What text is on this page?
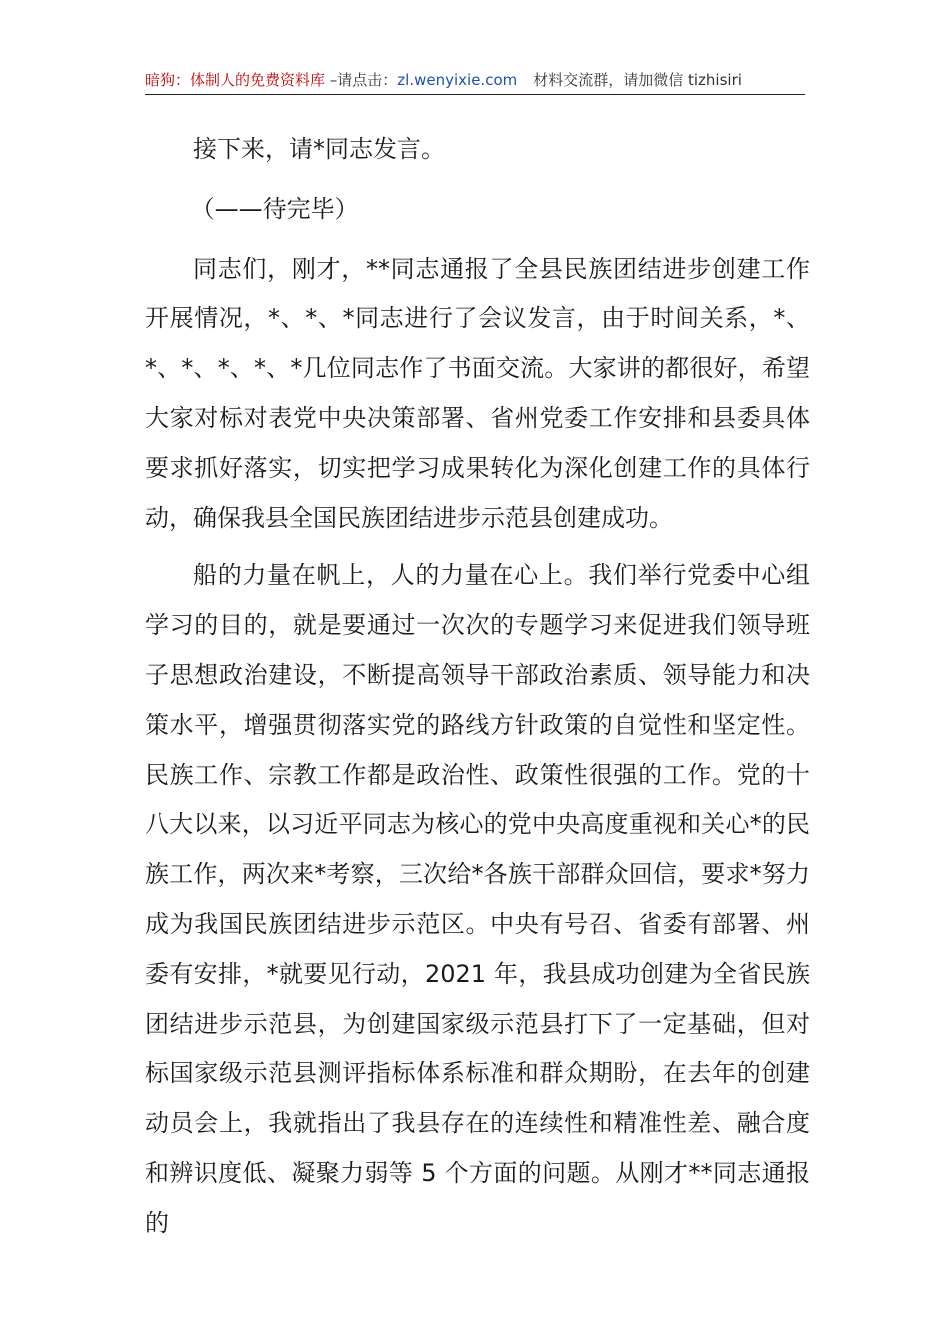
暗狗：体制人的免费资料库 –请点击：zl.wenyixie.com 材料交流群，请加微信 tizhisiri

接下来，请*同志发言。

（——待完毕）

同志们，刚才，**同志通报了全县民族团结进步创建工作开展情况，*、*、*同志进行了会议发言，由于时间关系，*、*、*、*、*、*几位同志作了书面交流。大家讲的都很好，希望大家对标对表党中央决策部署、省州党委工作安排和县委具体要求抓好落实，切实把学习成果转化为深化创建工作的具体行动，确保我县全国民族团结进步示范县创建成功。

船的力量在帆上，人的力量在心上。我们举行党委中心组学习的目的，就是要通过一次次的专题学习来促进我们领导班子思想政治建设，不断提高领导干部政治素质、领导能力和决策水平，增强贯彻落实党的路线方针政策的自觉性和坚定性。民族工作、宗教工作都是政治性、政策性很强的工作。党的十八大以来，以习近平同志为核心的党中央高度重视和关心*的民族工作，两次来*考察，三次给*各族干部群众回信，要求*努力成为我国民族团结进步示范区。中央有号召、省委有部署、州委有安排，*就要见行动，2021 年，我县成功创建为全省民族团结进步示范县，为创建国家级示范县打下了一定基础，但对标国家级示范县测评指标体系标准和群众期盼，在去年的创建动员会上，我就指出了我县存在的连续性和精准性差、融合度和辨识度低、凝聚力弱等 5 个方面的问题。从刚才**同志通报的
